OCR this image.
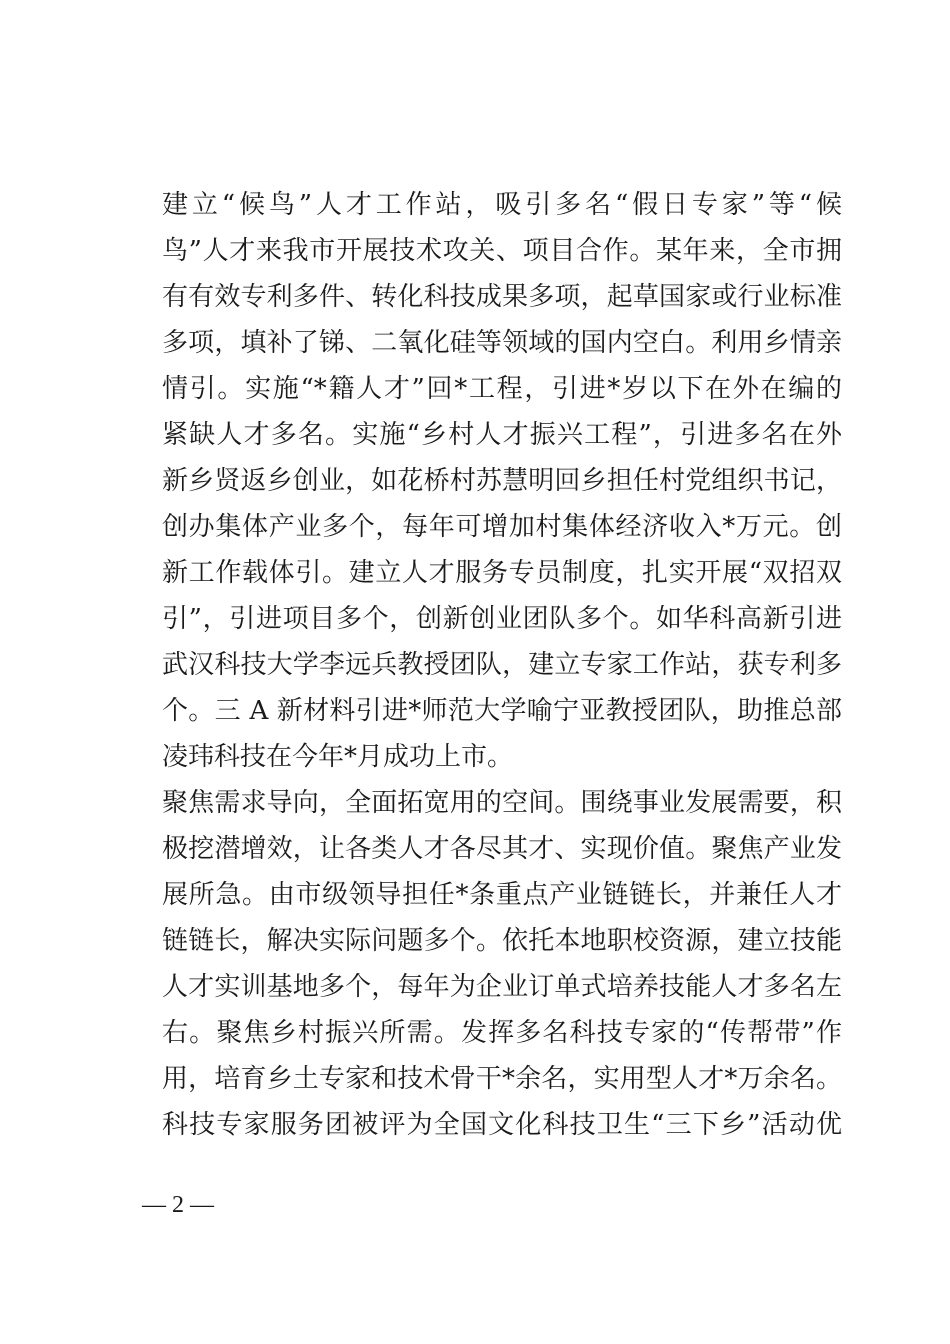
建立“候鸟”人才工作站，吸引多名“假日专家”等“候
鸟”人才来我市开展技术攻关、项目合作。某年来，全市拥
有有效专利多件、转化科技成果多项，起草国家或行业标准
多项，填补了锑、二氧化硅等领域的国内空白。利用乡情亲
情引。实施“*籍人才”回*工程，引进*岁以下在外在编的
紧缺人才多名。实施“乡村人才振兴工程”，引进多名在外
新乡贤返乡创业，如花桥村苏慧明回乡担任村党组织书记，
创办集体产业多个，每年可增加村集体经济收入*万元。创
新工作载体引。建立人才服务专员制度，扎实开展“双招双
引”，引进项目多个，创新创业团队多个。如华科高新引进
武汉科技大学李远兵教授团队，建立专家工作站，获专利多
个。三 A 新材料引进*师范大学喻宁亚教授团队，助推总部
凌玮科技在今年*月成功上市。
聚焦需求导向，全面拓宽用的空间。围绕事业发展需要，积
极挖潜增效，让各类人才各尽其才、实现价值。聚焦产业发
展所急。由市级领导担任*条重点产业链链长，并兼任人才
链链长，解决实际问题多个。依托本地职校资源，建立技能
人才实训基地多个，每年为企业订单式培养技能人才多名左
右。聚焦乡村振兴所需。发挥多名科技专家的“传帮带”作
用，培育乡土专家和技术骨干*余名，实用型人才*万余名。
科技专家服务团被评为全国文化科技卫生“三下乡”活动优
— 2 —
